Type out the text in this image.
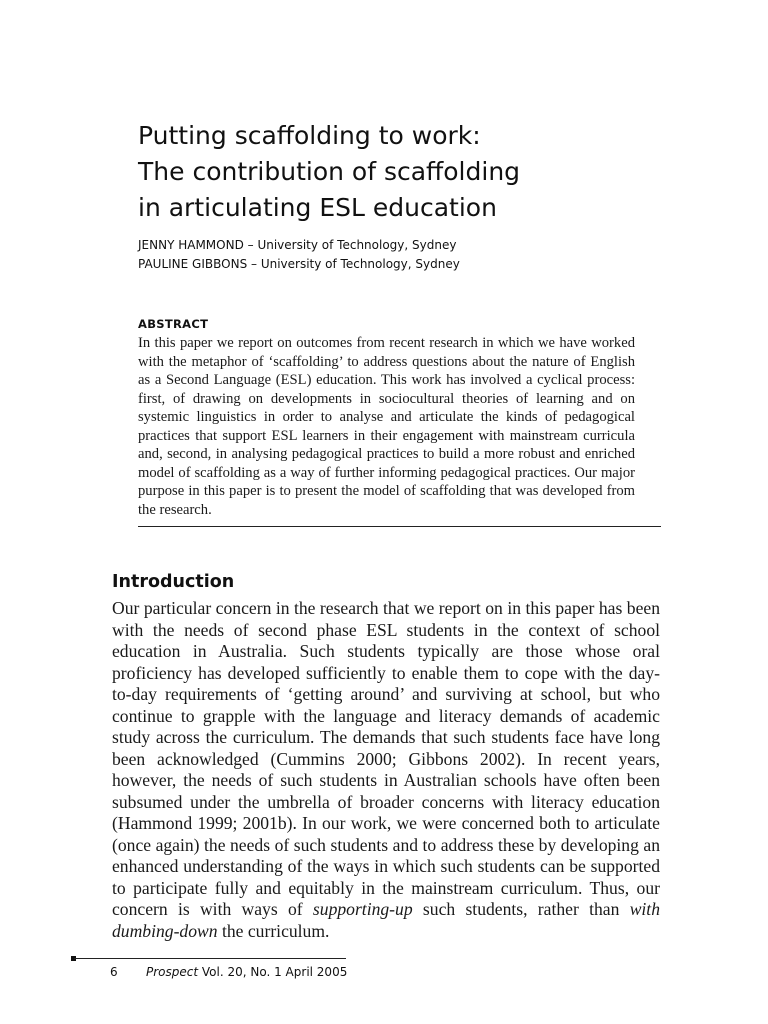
Putting scaffolding to work:
The contribution of scaffolding
in articulating ESL education
JENNY HAMMOND – University of Technology, Sydney
PAULINE GIBBONS – University of Technology, Sydney
ABSTRACT

In this paper we report on outcomes from recent research in which we have worked with the metaphor of ‘scaffolding’ to address questions about the nature of English as a Second Language (ESL) education. This work has involved a cyclical process: first, of drawing on developments in sociocultural theories of learning and on systemic linguistics in order to analyse and articulate the kinds of pedagogical practices that support ESL learners in their engagement with mainstream curricula and, second, in analysing pedagogical practices to build a more robust and enriched model of scaffolding as a way of further informing pedagogical practices. Our major purpose in this paper is to present the model of scaffolding that was developed from the research.

Introduction

Our particular concern in the research that we report on in this paper has been with the needs of second phase ESL students in the context of school education in Australia. Such students typically are those whose oral proficiency has developed sufficiently to enable them to cope with the day-to-day requirements of ‘getting around’ and surviving at school, but who continue to grapple with the language and literacy demands of academic study across the curriculum. The demands that such students face have long been acknowledged (Cummins 2000; Gibbons 2002). In recent years, however, the needs of such students in Australian schools have often been subsumed under the umbrella of broader concerns with literacy education (Hammond 1999; 2001b). In our work, we were concerned both to articulate (once again) the needs of such students and to address these by developing an enhanced understanding of the ways in which such students can be supported to participate fully and equitably in the mainstream curriculum. Thus, our concern is with ways of supporting-up such students, rather than with dumbing-down the curriculum.

6 Prospect Vol. 20, No. 1 April 2005
